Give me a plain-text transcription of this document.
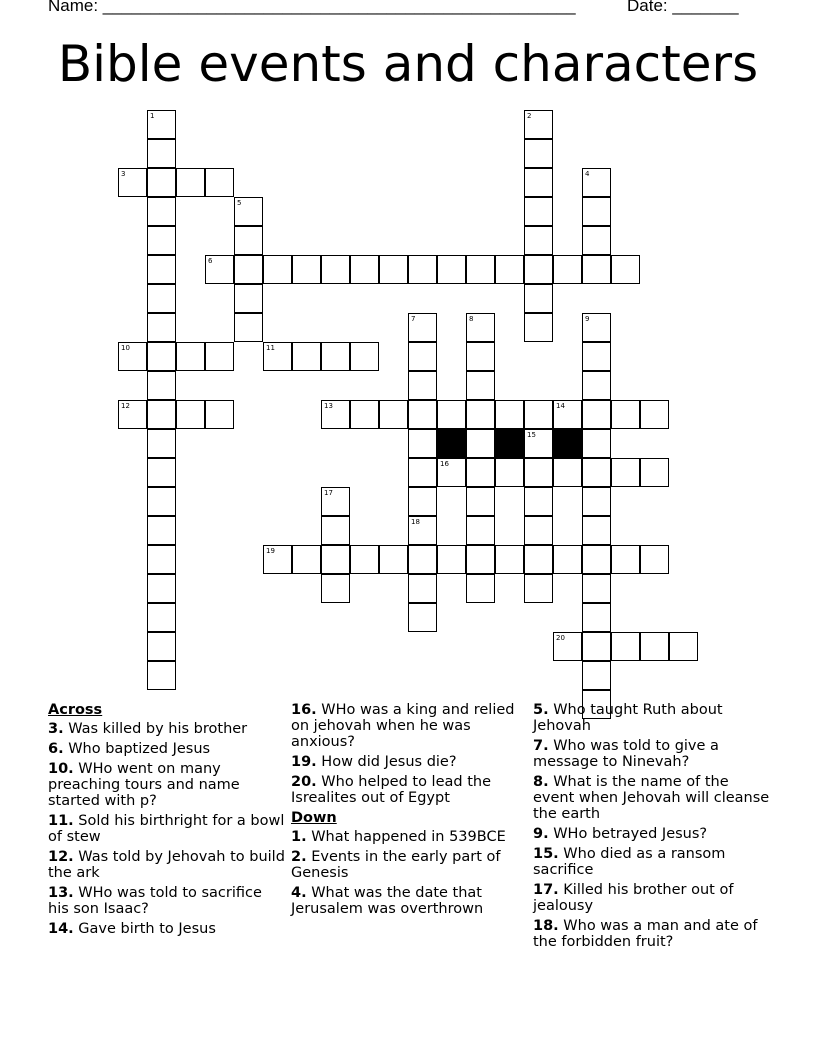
Name: __________________________________________________	Date: _______
Bible events and characters
1	2
3	4
5
6
7
18
8	9
10	11
12	13	14
16
15
17
19
20
Across
3. Was killed by his brother
6. Who baptized Jesus
10. WHo went on many preaching tours and name started with p?
11. Sold his birthright for a bowl of stew
12. Was told by Jehovah to build the ark
13. WHo was told to sacrifice his son Isaac?
14. Gave birth to Jesus
16. WHo was a king and relied on jehovah when he was anxious?
19. How did Jesus die?
20. Who helped to lead the Isrealites out of Egypt
Down
1. What happened in 539BCE
2. Events in the early part of Genesis
4. What was the date that Jerusalem was overthrown
5. Who taught Ruth about Jehovah
7. Who was told to give a message to Ninevah?
8. What is the name of the event when Jehovah will cleanse the earth
9. WHo betrayed Jesus?
15. Who died as a ransom sacrifice
17. Killed his brother out of jealousy
18. Who was a man and ate of the forbidden fruit?
